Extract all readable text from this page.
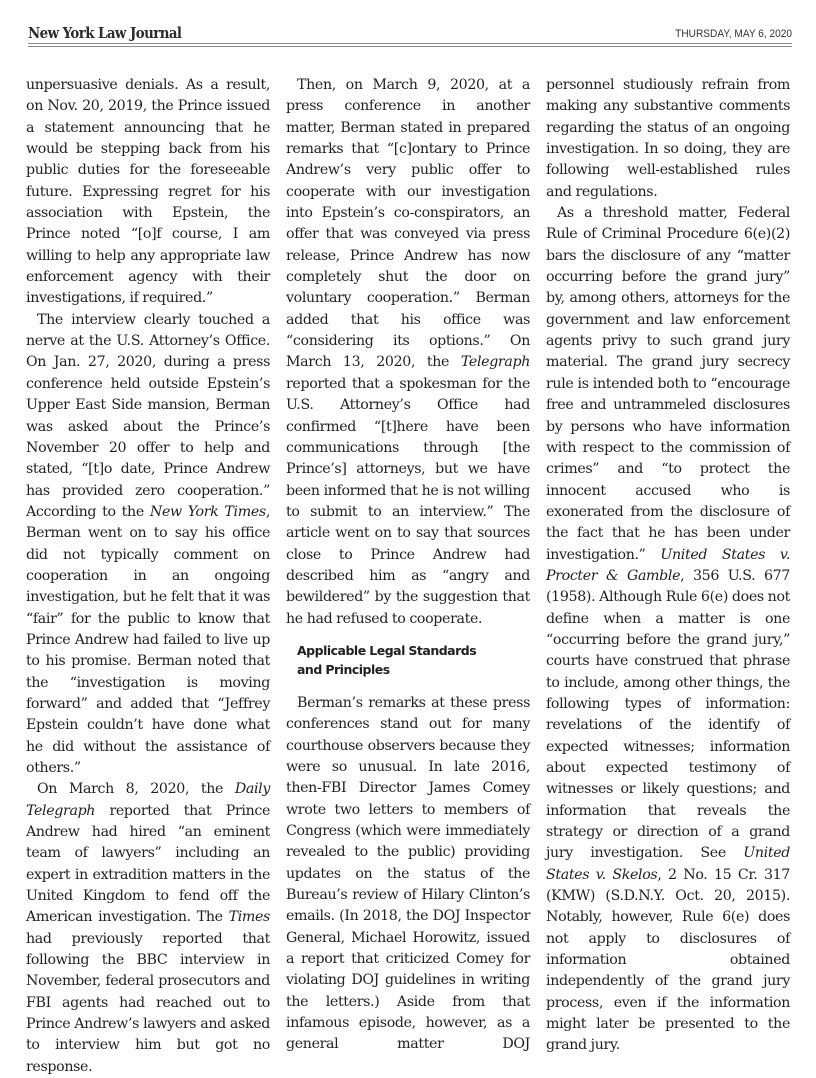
New York Law Journal	THURSDAY, MAY 6, 2020

unpersuasive denials. As a result, on Nov. 20, 2019, the Prince issued a statement announcing that he would be stepping back from his public duties for the foreseeable future. Expressing regret for his association with Epstein, the Prince noted “[o]f course, I am willing to help any appropriate law enforcement agency with their investigations, if required.”

The interview clearly touched a nerve at the U.S. Attorney’s Office. On Jan. 27, 2020, during a press conference held outside Epstein’s Upper East Side mansion, Berman was asked about the Prince’s November 20 offer to help and stated, “[t]o date, Prince Andrew has provided zero cooperation.” According to the New York Times, Berman went on to say his office did not typically comment on cooperation in an ongoing investigation, but he felt that it was “fair” for the public to know that Prince Andrew had failed to live up to his promise. Berman noted that the “investigation is moving forward” and added that “Jeffrey Epstein couldn’t have done what he did without the assistance of others.”

On March 8, 2020, the Daily Telegraph reported that Prince Andrew had hired “an eminent team of lawyers” including an expert in extradition matters in the United Kingdom to fend off the American investigation. The Times had previously reported that following the BBC interview in November, federal prosecutors and FBI agents had reached out to Prince Andrew’s lawyers and asked to interview him but got no response.

Then, on March 9, 2020, at a press conference in another matter, Berman stated in prepared remarks that “[c]ontary to Prince Andrew’s very public offer to cooperate with our investigation into Epstein’s co-conspirators, an offer that was conveyed via press release, Prince Andrew has now completely shut the door on voluntary cooperation.” Berman added that his office was “considering its options.” On March 13, 2020, the Telegraph reported that a spokesman for the U.S. Attorney’s Office had confirmed “[t]here have been communications through [the Prince’s] attorneys, but we have been informed that he is not willing to submit to an interview.” The article went on to say that sources close to Prince Andrew had described him as “angry and bewildered” by the suggestion that he had refused to cooperate.

Applicable Legal Standards
and Principles

Berman’s remarks at these press conferences stand out for many courthouse observers because they were so unusual. In late 2016, then-FBI Director James Comey wrote two letters to members of Congress (which were immediately revealed to the public) providing updates on the status of the Bureau’s review of Hilary Clinton’s emails. (In 2018, the DOJ Inspector General, Michael Horowitz, issued a report that criticized Comey for violating DOJ guidelines in writing the letters.) Aside from that infamous episode, however, as a general matter DOJ

personnel studiously refrain from making any substantive comments regarding the status of an ongoing investigation. In so doing, they are following well-established rules and regulations.

As a threshold matter, Federal Rule of Criminal Procedure 6(e)(2) bars the disclosure of any “matter occurring before the grand jury” by, among others, attorneys for the government and law enforcement agents privy to such grand jury material. The grand jury secrecy rule is intended both to “encourage free and untrammeled disclosures by persons who have information with respect to the commission of crimes” and “to protect the innocent accused who is exonerated from the disclosure of the fact that he has been under investigation.” United States v. Procter & Gamble, 356 U.S. 677 (1958). Although Rule 6(e) does not define when a matter is one “occurring before the grand jury,” courts have construed that phrase to include, among other things, the following types of information: revelations of the identify of expected witnesses; information about expected testimony of witnesses or likely questions; and information that reveals the strategy or direction of a grand jury investigation. See United States v. Skelos, 2 No. 15 Cr. 317 (KMW) (S.D.N.Y. Oct. 20, 2015). Notably, however, Rule 6(e) does not apply to disclosures of information obtained independently of the grand jury process, even if the information might later be presented to the grand jury.
